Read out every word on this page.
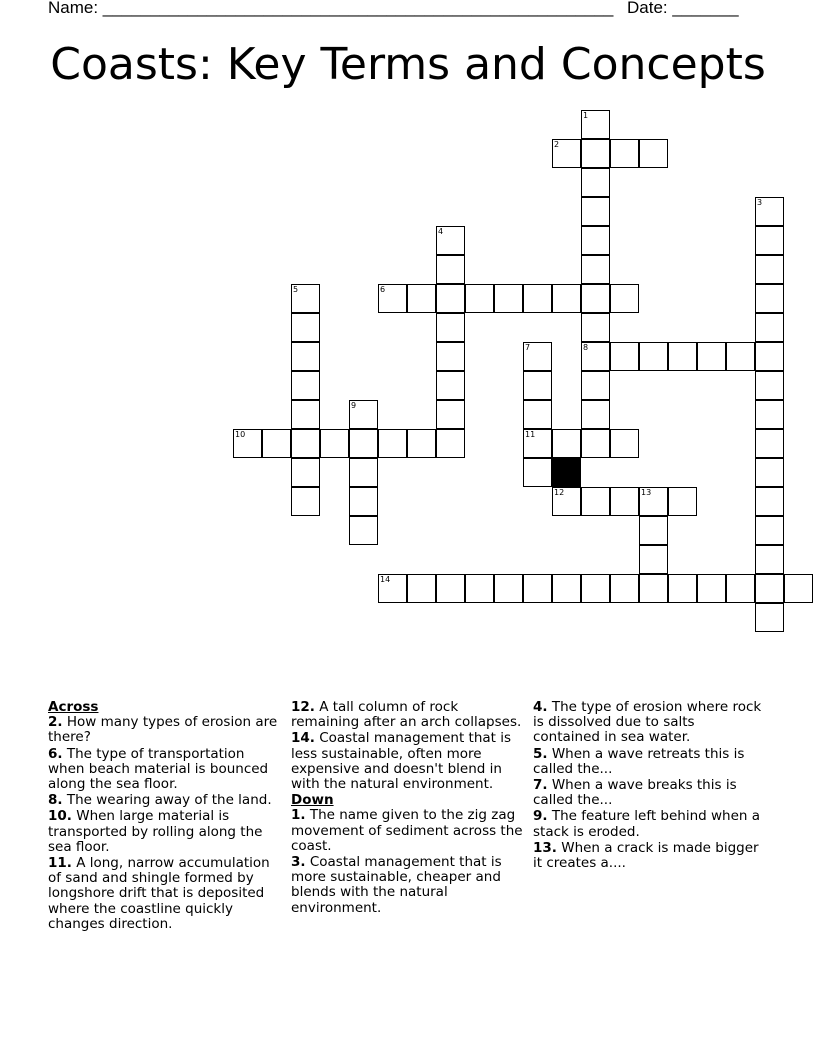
Name: ______________________________________________________ Date: _______
Coasts: Key Terms and Concepts
1
8
2
3
4
5	6
7
11
9
10
12	13
14
Across
2. How many types of erosion are there?
6. The type of transportation when beach material is bounced along the sea floor.
8. The wearing away of the land.
10. When large material is transported by rolling along the sea floor.
11. A long, narrow accumulation of sand and shingle formed by longshore drift that is deposited where the coastline quickly changes direction.
12. A tall column of rock remaining after an arch collapses.
14. Coastal management that is less sustainable, often more expensive and doesn't blend in with the natural environment.
Down
1. The name given to the zig zag movement of sediment across the coast.
3. Coastal management that is more sustainable, cheaper and blends with the natural environment.
4. The type of erosion where rock is dissolved due to salts contained in sea water.
5. When a wave retreats this is called the...
7. When a wave breaks this is called the...
9. The feature left behind when a stack is eroded.
13. When a crack is made bigger it creates a....
